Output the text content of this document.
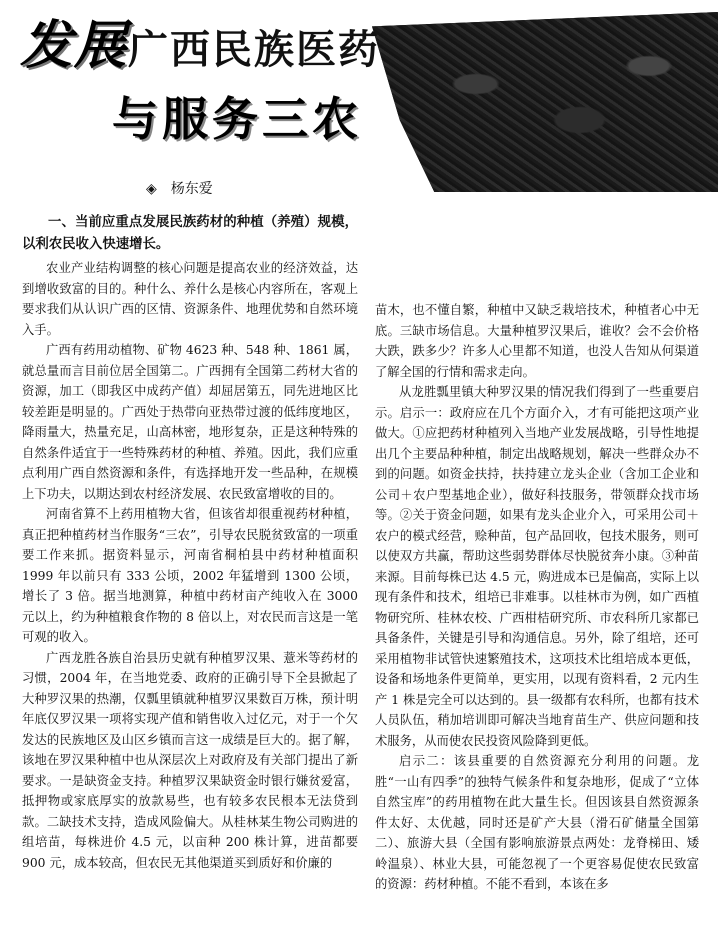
发展广西民族医药
与服务三农
◈ 杨东爱
一、当前应重点发展民族药材的种植（养殖）规模，以利农民收入快速增长。

农业产业结构调整的核心问题是提高农业的经济效益，达到增收致富的目的。种什么、养什么是核心内容所在，客观上要求我们从认识广西的区情、资源条件、地理优势和自然环境入手。

广西有药用动植物、矿物 4623 种、548 种、1861 属，就总量而言目前位居全国第二。广西拥有全国第二药材大省的资源，加工（即我区中成药产值）却屈居第五，同先进地区比较差距是明显的。广西处于热带向亚热带过渡的低纬度地区，降雨量大，热量充足，山高林密，地形复杂，正是这种特殊的自然条件适宜于一些特殊药材的种植、养殖。因此，我们应重点利用广西自然资源和条件，有选择地开发一些品种，在规模上下功夫，以期达到农村经济发展、农民致富增收的目的。

河南省算不上药用植物大省，但该省却很重视药材种植，真正把种植药材当作服务“三农”，引导农民脱贫致富的一项重要工作来抓。据资料显示，河南省桐柏县中药材种植面积 1999 年以前只有 333 公顷，2002 年猛增到 1300 公顷，增长了 3 倍。据当地测算，种植中药材亩产纯收入在 3000 元以上，约为种植粮食作物的 8 倍以上，对农民而言这是一笔可观的收入。

广西龙胜各族自治县历史就有种植罗汉果、薏米等药材的习惯，2004 年，在当地党委、政府的正确引导下全县掀起了大种罗汉果的热潮，仅瓢里镇就种植罗汉果数百万株，预计明年底仅罗汉果一项将实现产值和销售收入过亿元，对于一个欠发达的民族地区及山区乡镇而言这一成绩是巨大的。据了解，该地在罗汉果种植中也从深层次上对政府及有关部门提出了新要求。一是缺资金支持。种植罗汉果缺资金时银行嫌贫爱富，抵押物或家底厚实的放款易些，也有较多农民根本无法贷到款。二缺技术支持，造成风险偏大。从桂林某生物公司购进的组培苗，每株进价 4.5 元，以亩种 200 株计算，进苗都要 900 元，成本较高，但农民无其他渠道买到质好和价廉的

苗木，也不懂自繁，种植中又缺乏栽培技术，种植者心中无底。三缺市场信息。大量种植罗汉果后，谁收？会不会价格大跌，跌多少？许多人心里都不知道，也没人告知从何渠道了解全国的行情和需求走向。

从龙胜瓢里镇大种罗汉果的情况我们得到了一些重要启示。启示一：政府应在几个方面介入，才有可能把这项产业做大。①应把药材种植列入当地产业发展战略，引导性地提出几个主要品种种植，制定出战略规划，解决一些群众办不到的问题。如资金扶持，扶持建立龙头企业（含加工企业和公司＋农户型基地企业），做好科技服务，带领群众找市场等。②关于资金问题，如果有龙头企业介入，可采用公司＋农户的模式经营，赊种苗，包产品回收，包技术服务，则可以使双方共赢，帮助这些弱势群体尽快脱贫奔小康。③种苗来源。目前每株已达 4.5 元，购进成本已是偏高，实际上以现有条件和技术，组培已非难事。以桂林市为例，如广西植物研究所、桂林农校、广西柑桔研究所、市农科所几家都已具备条件，关键是引导和沟通信息。另外，除了组培，还可采用植物非试管快速繁殖技术，这项技术比组培成本更低，设备和场地条件更简单，更实用，以现有资料看，2 元内生产 1 株是完全可以达到的。县一级都有农科所，也都有技术人员队伍，稍加培训即可解决当地育苗生产、供应问题和技术服务，从而使农民投资风险降到更低。

启示二：该县重要的自然资源充分利用的问题。龙胜“一山有四季”的独特气候条件和复杂地形，促成了“立体自然宝库”的药用植物在此大量生长。但因该县自然资源条件太好、太优越，同时还是矿产大县（滑石矿储量全国第二）、旅游大县（全国有影响旅游景点两处：龙脊梯田、矮岭温泉）、林业大县，可能忽视了一个更容易促使农民致富的资源：药材种植。不能不看到，本该在多
